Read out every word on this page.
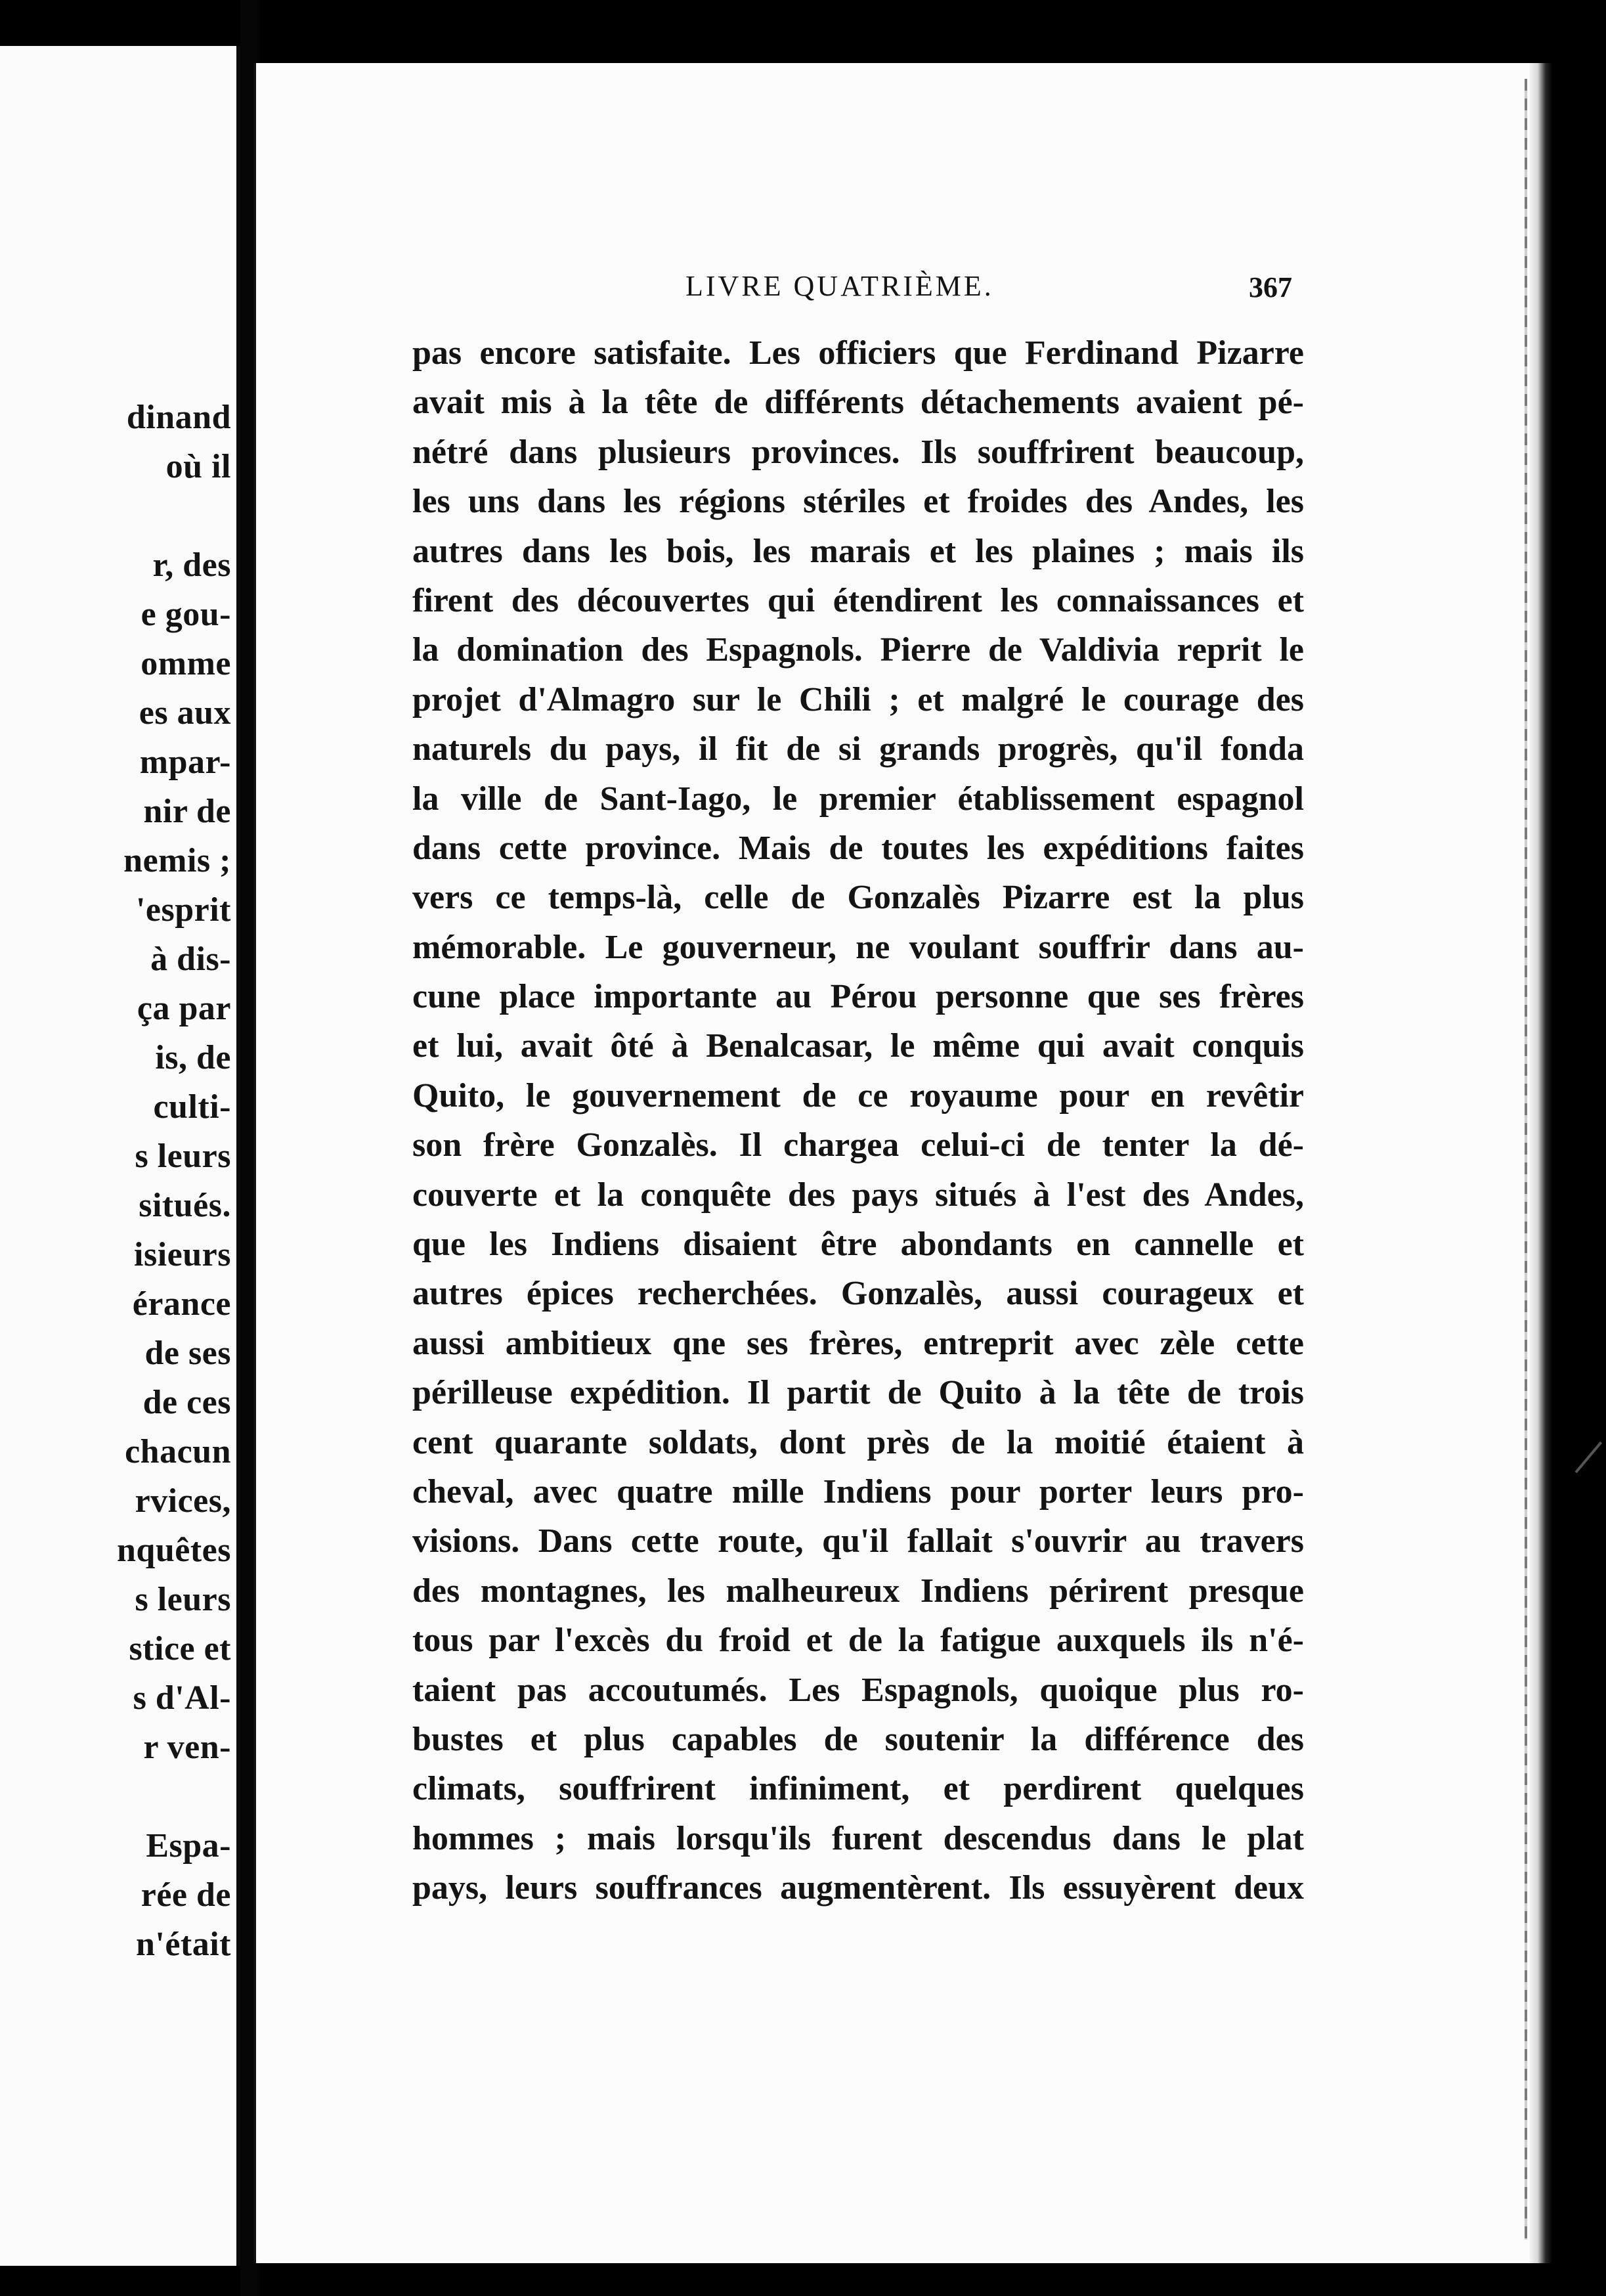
dinand
où il
r, des
e gou-
omme
es aux
mpar-
nir de
nemis ;
'esprit
à dis-
ça par
is, de
culti-
s leurs
situés.
isieurs
érance
de ses
de ces
chacun
rvices,
nquêtes
s leurs
stice et
s d'Al-
r ven-
Espa-
rée de
n'était
LIVRE QUATRIÈME.	367
pas encore satisfaite. Les officiers que Ferdinand Pizarre
avait mis à la tête de différents détachements avaient pé-
nétré dans plusieurs provinces. Ils souffrirent beaucoup,
les uns dans les régions stériles et froides des Andes, les
autres dans les bois, les marais et les plaines ; mais ils
firent des découvertes qui étendirent les connaissances et
la domination des Espagnols. Pierre de Valdivia reprit le
projet d'Almagro sur le Chili ; et malgré le courage des
naturels du pays, il fit de si grands progrès, qu'il fonda
la ville de Sant-Iago, le premier établissement espagnol
dans cette province. Mais de toutes les expéditions faites
vers ce temps-là, celle de Gonzalès Pizarre est la plus
mémorable. Le gouverneur, ne voulant souffrir dans au-
cune place importante au Pérou personne que ses frères
et lui, avait ôté à Benalcasar, le même qui avait conquis
Quito, le gouvernement de ce royaume pour en revêtir
son frère Gonzalès. Il chargea celui-ci de tenter la dé-
couverte et la conquête des pays situés à l'est des Andes,
que les Indiens disaient être abondants en cannelle et
autres épices recherchées. Gonzalès, aussi courageux et
aussi ambitieux qne ses frères, entreprit avec zèle cette
périlleuse expédition. Il partit de Quito à la tête de trois
cent quarante soldats, dont près de la moitié étaient à
cheval, avec quatre mille Indiens pour porter leurs pro-
visions. Dans cette route, qu'il fallait s'ouvrir au travers
des montagnes, les malheureux Indiens périrent presque
tous par l'excès du froid et de la fatigue auxquels ils n'é-
taient pas accoutumés. Les Espagnols, quoique plus ro-
bustes et plus capables de soutenir la différence des
climats, souffrirent infiniment, et perdirent quelques
hommes ; mais lorsqu'ils furent descendus dans le plat
pays, leurs souffrances augmentèrent. Ils essuyèrent deux
